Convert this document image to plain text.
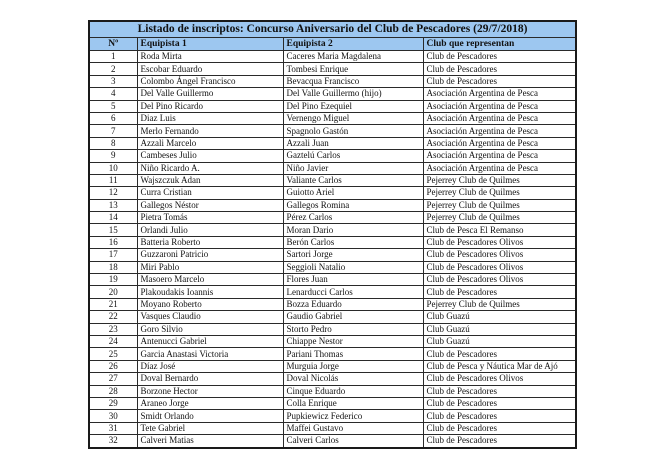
Listado de inscriptos: Concurso Aniversario del Club de Pescadores (29/7/2018)			
Nº	Equipista 1	Equipista 2	Club que representan
1	Roda Mirta	Caceres Maria Magdalena	Club de Pescadores
2	Escobar Eduardo	Tombesi Enrique	Club de Pescadores
3	Colombo Ángel Francisco	Bevacqua Francisco	Club de Pescadores
4	Del Valle Guillermo	Del Valle Guillermo (hijo)	Asociación Argentina de Pesca
5	Del Pino Ricardo	Del Pino Ezequiel	Asociación Argentina de Pesca
6	Diaz Luis	Vernengo Miguel	Asociación Argentina de Pesca
7	Merlo Fernando	Spagnolo Gastón	Asociación Argentina de Pesca
8	Azzali Marcelo	Azzali Juan	Asociación Argentina de Pesca
9	Cambeses Julio	Gaztelú Carlos	Asociación Argentina de Pesca
10	Niño Ricardo A.	Niño Javier	Asociación Argentina de Pesca
11	Wajszczuk Adan	Valiante Carlos	Pejerrey Club de Quilmes
12	Curra Cristian	Guiotto Ariel	Pejerrey Club de Quilmes
13	Gallegos Néstor	Gallegos Romina	Pejerrey Club de Quilmes
14	Pietra Tomás	Pérez Carlos	Pejerrey Club de Quilmes
15	Orlandi Julio	Moran Dario	Club de Pesca El Remanso
16	Batteria Roberto	Berón Carlos	Club de Pescadores Olivos
17	Guzzaroni Patricio	Sartori Jorge	Club de Pescadores Olivos
18	Miri Pablo	Seggioli Natalio	Club de Pescadores Olivos
19	Masoero Marcelo	Flores Juan	Club de Pescadores Olivos
20	Plakoudakis Ioannis	Lenarducci Carlos	Club de Pescadores
21	Moyano Roberto	Bozza Eduardo	Pejerrey Club de Quilmes
22	Vasques Claudio	Gaudio Gabriel	Club Guazú
23	Goro Silvio	Storto Pedro	Club Guazú
24	Antenucci Gabriel	Chiappe Nestor	Club Guazú
25	Garcia Anastasi Victoria	Pariani Thomas	Club de Pescadores
26	Díaz José	Murguia Jorge	Club de Pesca y Náutica Mar de Ajó
27	Doval Bernardo	Doval Nicolás	Club de Pescadores Olivos
28	Borzone Hector	Cinque Eduardo	Club de Pescadores
29	Araneo Jorge	Colla Enrique	Club de Pescadores
30	Smidt Orlando	Pupkiewicz Federico	Club de Pescadores
31	Tete Gabriel	Maffei Gustavo	Club de Pescadores
32	Calveri Matias	Calveri Carlos	Club de Pescadores
